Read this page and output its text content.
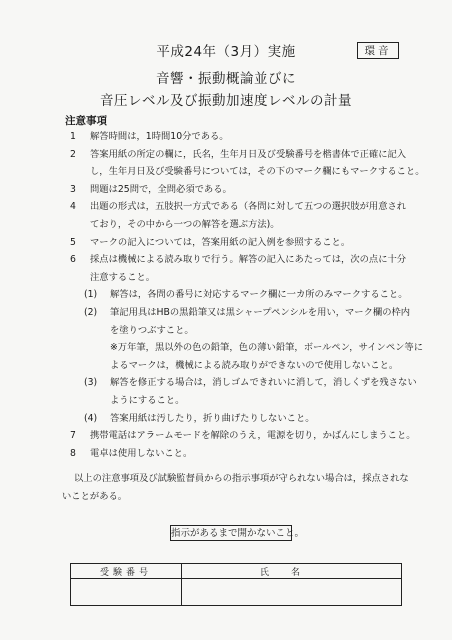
平成24年（3月）実施	環音
音響・振動概論並びに
音圧レベル及び振動加速度レベルの計量
注意事項
1	解答時間は，1時間10分である。
2	答案用紙の所定の欄に，氏名，生年月日及び受験番号を楷書体で正確に記入
し，生年月日及び受験番号については，その下のマーク欄にもマークすること。
3	問題は25問で，全問必須である。
4	出題の形式は，五肢択一方式である（各問に対して五つの選択肢が用意され
ており，その中から一つの解答を選ぶ方法)。
5	マークの記入については，答案用紙の記入例を参照すること。
6	採点は機械による読み取りで行う。解答の記入にあたっては，次の点に十分
注意すること。
(1)	解答は，各問の番号に対応するマーク欄に一カ所のみマークすること。
(2)	筆記用具はHBの黒鉛筆又は黒シャープペンシルを用い，マーク欄の枠内
を塗りつぶすこと。
※万年筆，黒以外の色の鉛筆，色の薄い鉛筆，ボールペン，サインペン等に
よるマークは，機械による読み取りができないので使用しないこと。
(3)	解答を修正する場合は，消しゴムできれいに消して，消しくずを残さない
ようにすること。
(4)	答案用紙は汚したり，折り曲げたりしないこと。
7	携帯電話はアラームモードを解除のうえ，電源を切り，かばんにしまうこと。
8	電卓は使用しないこと。
以上の注意事項及び試験監督員からの指示事項が守られない場合は，採点されな
いことがある。
指示があるまで開かないこと。
受験番号	氏名
